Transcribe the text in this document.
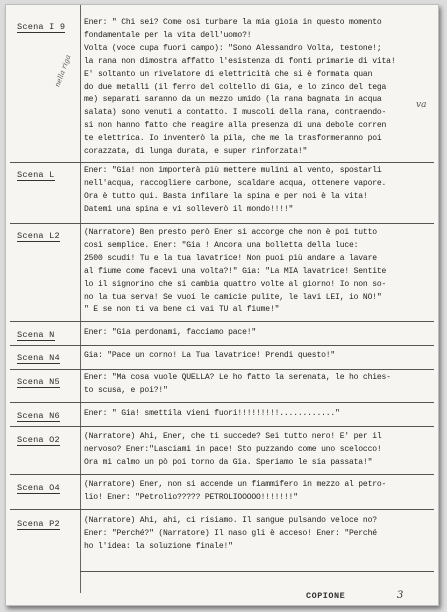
Scena I 9 Ener: " Chi sei? Come osi turbare la mia gioia in questo momento
fondamentale per la vita dell'uomo?!
Volta (voce cupa fuori campo): "Sono Alessandro Volta, testone!;
la rana non dimostra affatto l'esistenza di fonti primarie di vita!
E' soltanto un rivelatore di elettricità che si è formata quan
do due metalli (il ferro del coltello di Gia, e lo zinco del tega
me) separati saranno da un mezzo umido (la rana bagnata in acqua
salata) sono venuti a contatto. I muscoli della rana, contraendo-
si non hanno fatto che reagire alla presenza di una debole corren
te elettrica. Io inventerò la pila, che me la trasformeranno poi
corazzata, di lunga durata, e super rinforzata!"
nella riga
va
Scena L	Ener: "Gia! non importerà più mettere mulini al vento, spostarli
nell'acqua, raccogliere carbone, scaldare acqua, ottenere vapore.
Ora è tutto qui. Basta infilare la spina e per noi è la vita!
Datemi una spina e vi solleverò il mondo!!!!"
Scena L2	(Narratore) Ben presto però Ener si accorge che non è poi tutto
così semplice. Ener: "Gia ! Ancora una bolletta della luce:
2500 scudi! Tu e la tua lavatrice! Non puoi più andare a lavare
al fiume come facevi una volta?!" Gia: "La MIA lavatrice! Sentite
lo il signorino che si cambia quattro volte al giorno! Io non so-
no la tua serva! Se vuoi le camicie pulite, le lavi LEI, io NO!"
" E se non ti va bene ci vai TU al fiume!"
Scena N	Ener: "Gia perdonami, facciamo pace!"
Scena N4	Gia: "Pace un corno! La Tua lavatrice! Prendi questo!"
Scena N5	Ener: "Ma cosa vuole QUELLA? Le ho fatto la serenata, le ho chies-
to scusa, e poi?!"
Scena N6	Ener: " Gia! smettila vieni fuori!!!!!!!!!............"
Scena O2	(Narratore) Ahi, Ener, che ti succede? Sei tutto nero! E' per il
nervoso? Ener:"Lasciami in pace! Sto puzzando come uno scelocco!
Ora mi calmo un pò poi torno da Gia. Speriamo le sia passata!"
Scena O4	(Narratore) Ener, non si accende un fiammifero in mezzo al petro-
lio! Ener: "Petrolio????? PETROLIOOOOO!!!!!!!"
Scena P2	(Narratore) Ahi, ahi, ci risiamo. Il sangue pulsando veloce no?
Ener: "Perché?" (Narratore) Il naso gli è acceso! Ener: "Perché
ho l'idea: la soluzione finale!"
COPIONE	3
